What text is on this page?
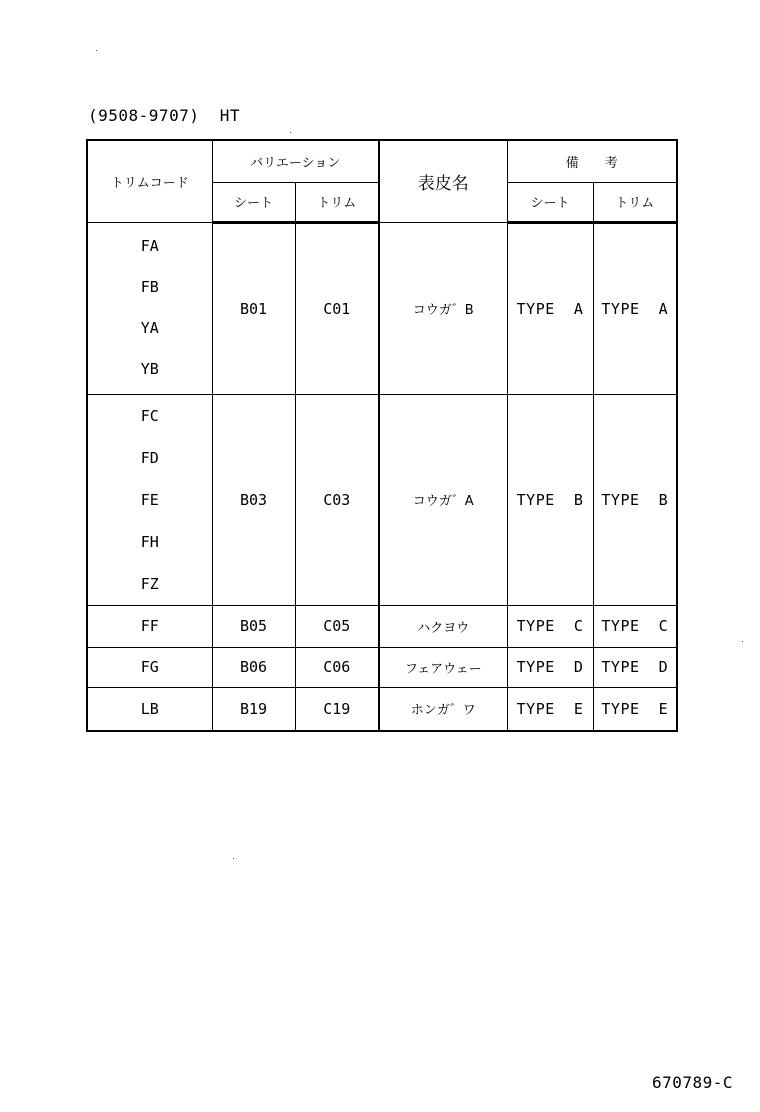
(9508-9707)  HT
トリムコード	バリエーション		表皮名	備　　考	
	シート	トリム		シート	トリム

FA
FB
YA
YB	B01	C01	コウガ゛B	TYPE  A	TYPE  A

FC
FD
FE
FH
FZ	B03	C03	コウガ゛A	TYPE  B	TYPE  B
FF	B05	C05	ハクヨウ	TYPE  C	TYPE  C
FG	B06	C06	フェアウェー	TYPE  D	TYPE  D
LB	B19	C19	ホンガ゛ワ	TYPE  E	TYPE  E
670789-C
